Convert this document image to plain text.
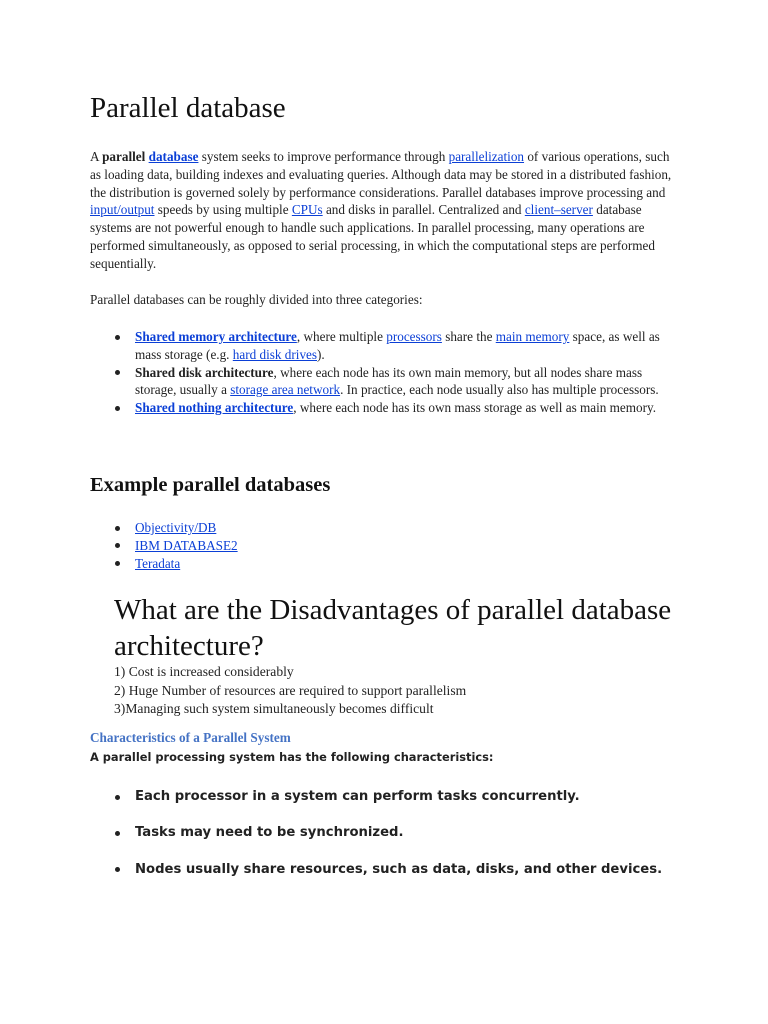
Parallel database

A parallel database system seeks to improve performance through parallelization of various operations, such as loading data, building indexes and evaluating queries. Although data may be stored in a distributed fashion, the distribution is governed solely by performance considerations. Parallel databases improve processing and input/output speeds by using multiple CPUs and disks in parallel. Centralized and client–server database systems are not powerful enough to handle such applications. In parallel processing, many operations are performed simultaneously, as opposed to serial processing, in which the computational steps are performed sequentially.

Parallel databases can be roughly divided into three categories:

Shared memory architecture, where multiple processors share the main memory space, as well as mass storage (e.g. hard disk drives).
Shared disk architecture, where each node has its own main memory, but all nodes share mass storage, usually a storage area network. In practice, each node usually also has multiple processors.
Shared nothing architecture, where each node has its own mass storage as well as main memory.
Example parallel databases
Objectivity/DB
IBM DATABASE2
Teradata
What are the Disadvantages of parallel database architecture?
1) Cost is increased considerably
2) Huge Number of resources are required to support parallelism
3)Managing such system simultaneously becomes difficult
Characteristics of a Parallel System

A parallel processing system has the following characteristics:

Each processor in a system can perform tasks concurrently.
Tasks may need to be synchronized.
Nodes usually share resources, such as data, disks, and other devices.
